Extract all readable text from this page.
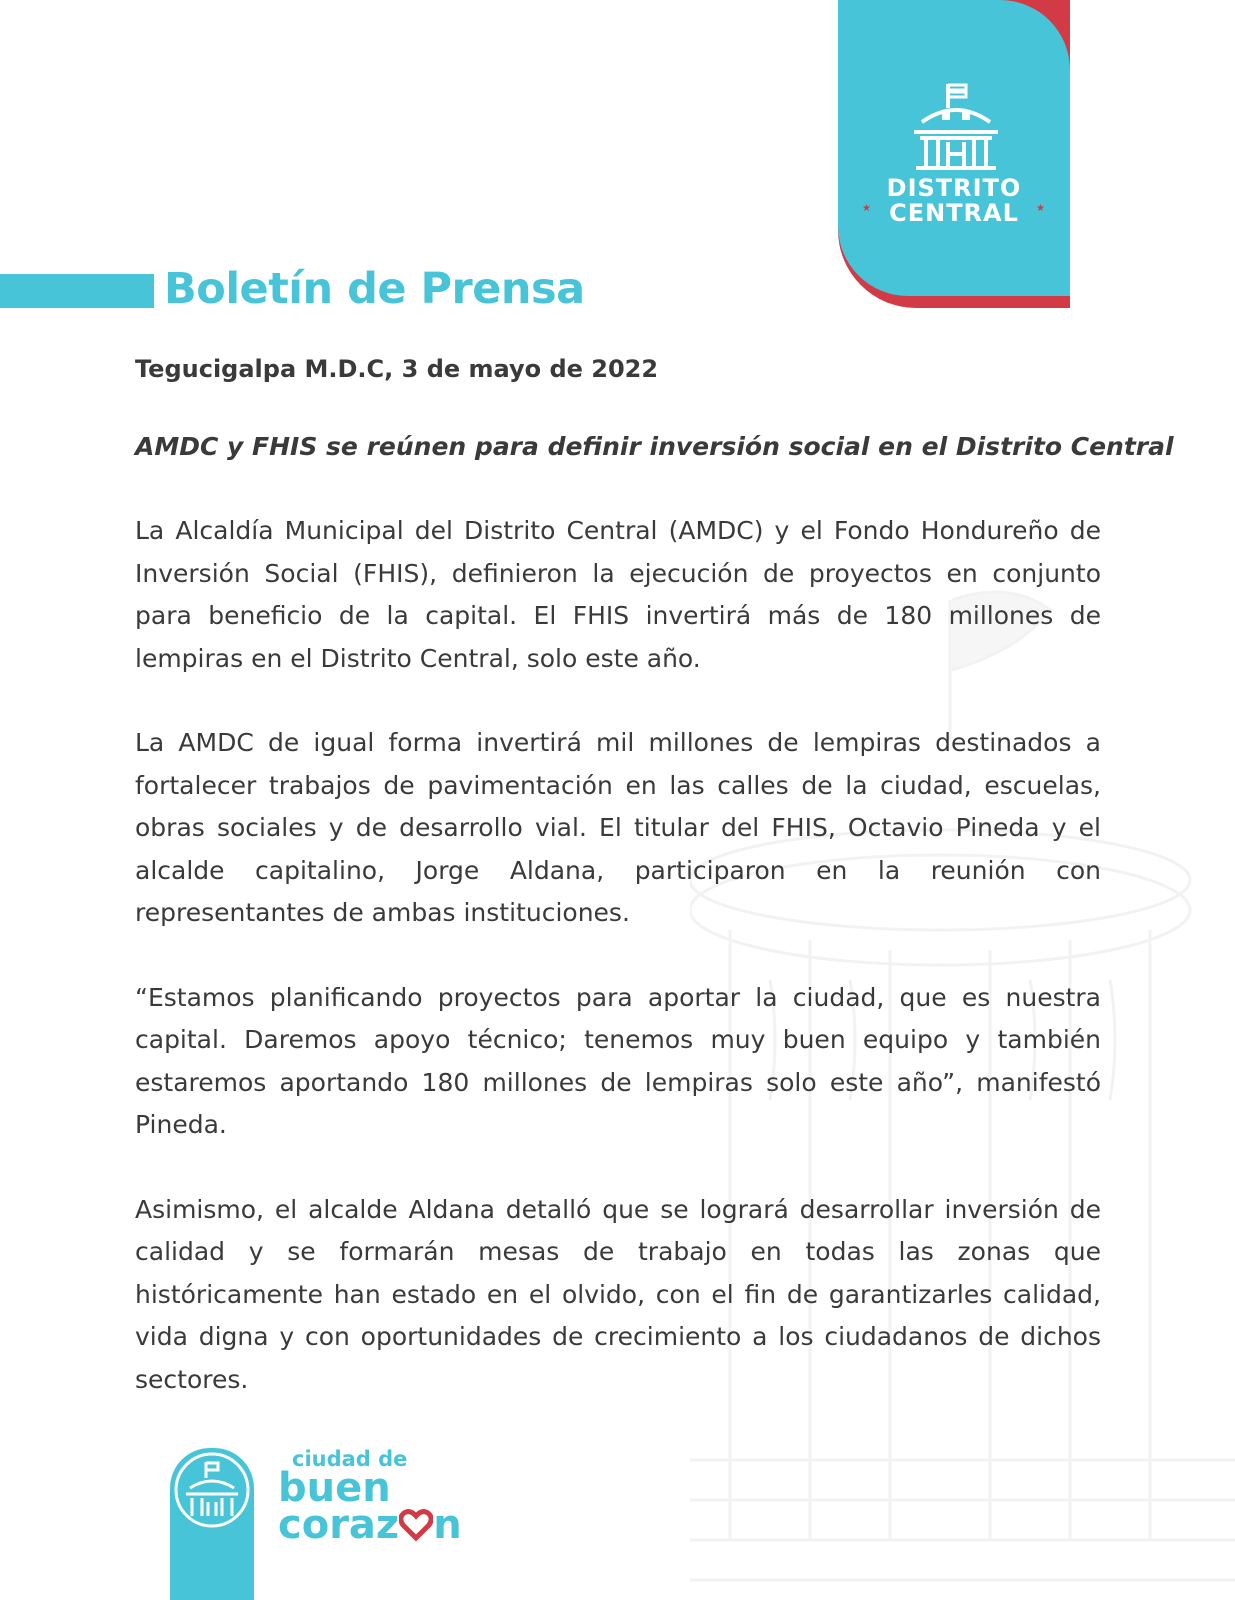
DISTRITO
CENTRAL
★	★
Boletín de Prensa

Tegucigalpa M.D.C, 3 de mayo de 2022

AMDC y FHIS se reúnen para definir inversión social en el Distrito Central

La Alcaldía Municipal del Distrito Central (AMDC) y el Fondo Hondureño de Inversión Social (FHIS), definieron la ejecución de proyectos en conjunto para beneficio de la capital. El FHIS invertirá más de 180 millones de lempiras en el Distrito Central, solo este año.

La AMDC de igual forma invertirá mil millones de lempiras destinados a fortalecer trabajos de pavimentación en las calles de la ciudad, escuelas, obras sociales y de desarrollo vial. El titular del FHIS, Octavio Pineda y el alcalde capitalino, Jorge Aldana, participaron en la reunión con representantes de ambas instituciones.

“Estamos planificando proyectos para aportar la ciudad, que es nuestra capital. Daremos apoyo técnico; tenemos muy buen equipo y también estaremos aportando 180 millones de lempiras solo este año”, manifestó Pineda.

Asimismo, el alcalde Aldana detalló que se logrará desarrollar inversión de calidad y se formarán mesas de trabajo en todas las zonas que históricamente han estado en el olvido, con el fin de garantizarles calidad, vida digna y con oportunidades de crecimiento a los ciudadanos de dichos sectores.

ciudad de
buen
coraz n
